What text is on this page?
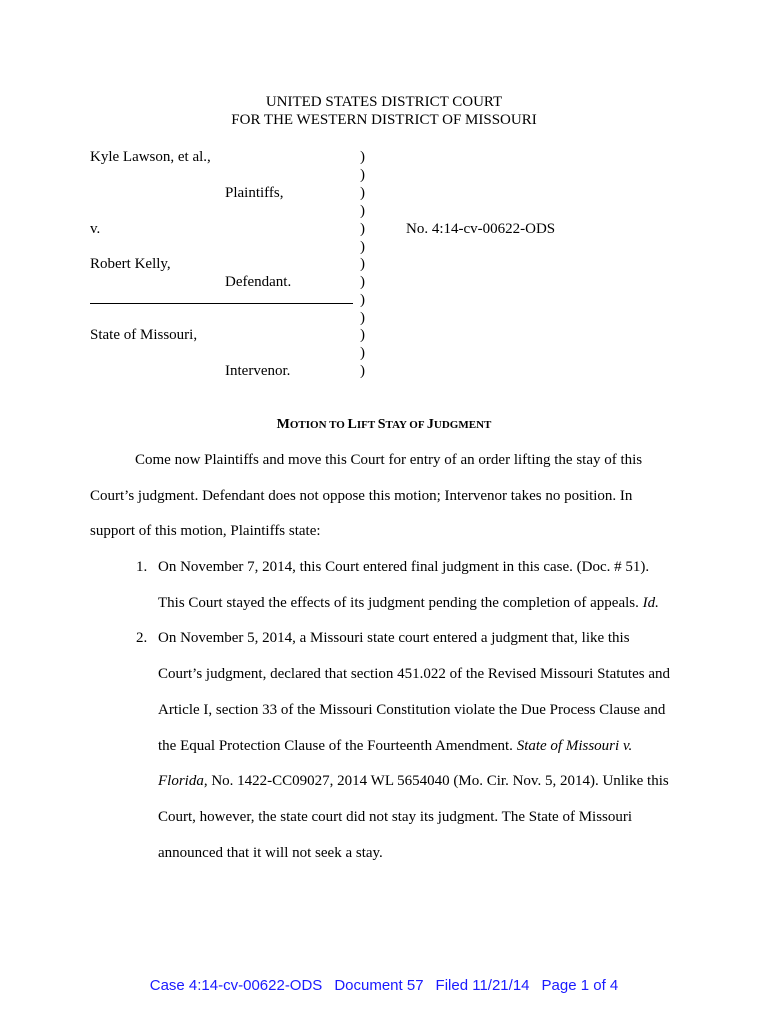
UNITED STATES DISTRICT COURT
FOR THE WESTERN DISTRICT OF MISSOURI
Kyle Lawson, et al.,
Plaintiffs,
v.
Robert Kelly,
Defendant.
State of Missouri,
Intervenor.
)
)
)
)
)
)
)
)
)
)
)
)
)
No. 4:14-cv-00622-ODS
MOTION TO LIFT STAY OF JUDGMENT
Come now Plaintiffs and move this Court for entry of an order lifting the stay of this
Court’s judgment. Defendant does not oppose this motion; Intervenor takes no position. In
support of this motion, Plaintiffs state:
1. On November 7, 2014, this Court entered final judgment in this case. (Doc. # 51).
This Court stayed the effects of its judgment pending the completion of appeals. Id.
2. On November 5, 2014, a Missouri state court entered a judgment that, like this
Court’s judgment, declared that section 451.022 of the Revised Missouri Statutes and
Article I, section 33 of the Missouri Constitution violate the Due Process Clause and
the Equal Protection Clause of the Fourteenth Amendment. State of Missouri v.
Florida, No. 1422-CC09027, 2014 WL 5654040 (Mo. Cir. Nov. 5, 2014). Unlike this
Court, however, the state court did not stay its judgment. The State of Missouri
announced that it will not seek a stay.
Case 4:14-cv-00622-ODS Document 57 Filed 11/21/14 Page 1 of 4
